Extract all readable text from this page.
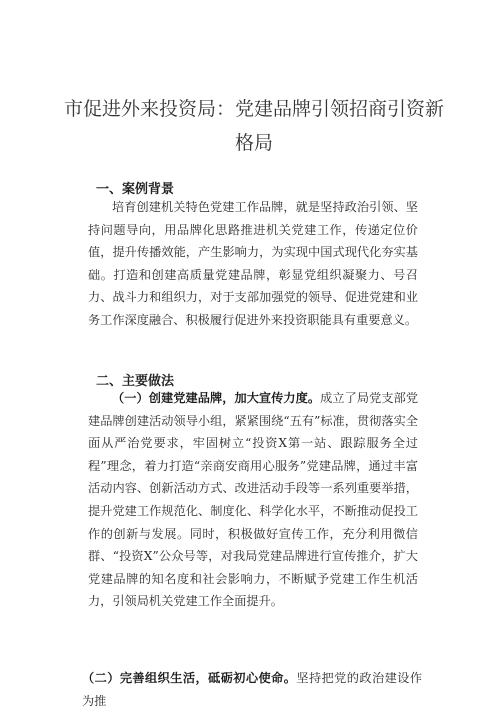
市促进外来投资局：党建品牌引领招商引资新格局
一、案例背景

培育创建机关特色党建工作品牌，就是坚持政治引领、坚持问题导向，用品牌化思路推进机关党建工作，传递定位价值，提升传播效能，产生影响力，为实现中国式现代化夯实基础。打造和创建高质量党建品牌，彰显党组织凝聚力、号召力、战斗力和组织力，对于支部加强党的领导、促进党建和业务工作深度融合、积极履行促进外来投资职能具有重要意义。

二、主要做法

（一）创建党建品牌，加大宣传力度。成立了局党支部党建品牌创建活动领导小组，紧紧围绕“五有”标准，贯彻落实全面从严治党要求，牢固树立“投资X第一站、跟踪服务全过程”理念，着力打造“亲商安商用心服务”党建品牌，通过丰富活动内容、创新活动方式、改进活动手段等一系列重要举措，提升党建工作规范化、制度化、科学化水平，不断推动促投工作的创新与发展。同时，积极做好宣传工作，充分利用微信群、“投资X”公众号等，对我局党建品牌进行宣传推介，扩大党建品牌的知名度和社会影响力，不断赋予党建工作生机活力，引领局机关党建工作全面提升。

（二）完善组织生活，砥砺初心使命。坚持把党的政治建设作为推
